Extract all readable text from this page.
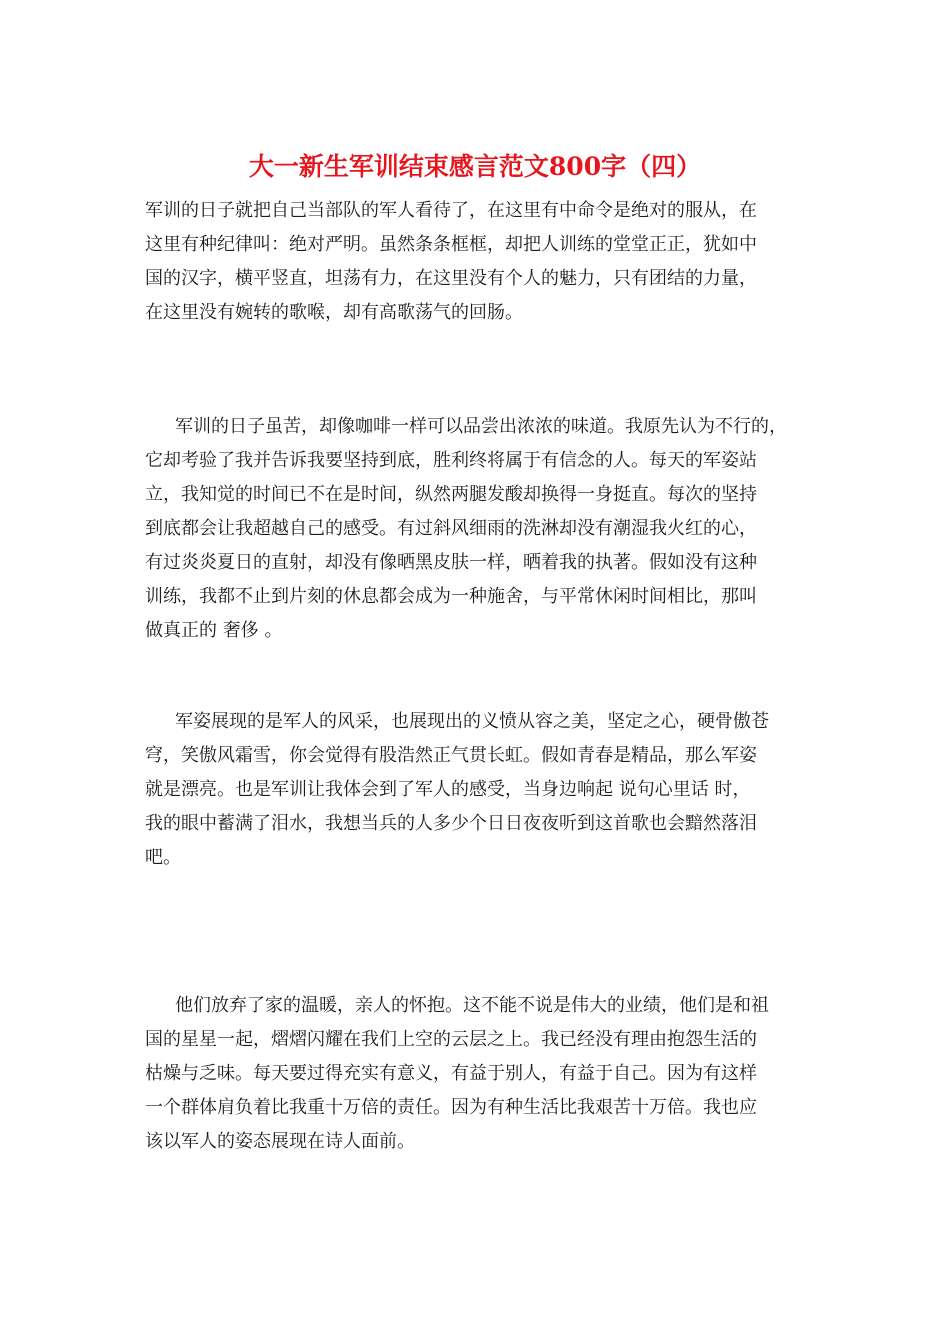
大一新生军训结束感言范文800字（四）
军训的日子就把自己当部队的军人看待了，在这里有中命令是绝对的服从，在
这里有种纪律叫：绝对严明。虽然条条框框，却把人训练的堂堂正正，犹如中
国的汉字，横平竖直，坦荡有力，在这里没有个人的魅力，只有团结的力量，
在这里没有婉转的歌喉，却有高歌荡气的回肠。
军训的日子虽苦，却像咖啡一样可以品尝出浓浓的味道。我原先认为不行的，
它却考验了我并告诉我要坚持到底，胜利终将属于有信念的人。每天的军姿站
立，我知觉的时间已不在是时间，纵然两腿发酸却换得一身挺直。每次的坚持
到底都会让我超越自己的感受。有过斜风细雨的洗淋却没有潮湿我火红的心，
有过炎炎夏日的直射，却没有像晒黑皮肤一样，晒着我的执著。假如没有这种
训练，我都不止到片刻的休息都会成为一种施舍，与平常休闲时间相比，那叫
做真正的 奢侈 。
军姿展现的是军人的风采，也展现出的义愤从容之美，坚定之心，硬骨傲苍
穹，笑傲风霜雪，你会觉得有股浩然正气贯长虹。假如青春是精品，那么军姿
就是漂亮。也是军训让我体会到了军人的感受，当身边响起 说句心里话 时，
我的眼中蓄满了泪水，我想当兵的人多少个日日夜夜听到这首歌也会黯然落泪
吧。
他们放弃了家的温暖，亲人的怀抱。这不能不说是伟大的业绩，他们是和祖
国的星星一起，熠熠闪耀在我们上空的云层之上。我已经没有理由抱怨生活的
枯燥与乏味。每天要过得充实有意义，有益于别人，有益于自己。因为有这样
一个群体肩负着比我重十万倍的责任。因为有种生活比我艰苦十万倍。我也应
该以军人的姿态展现在诗人面前。
